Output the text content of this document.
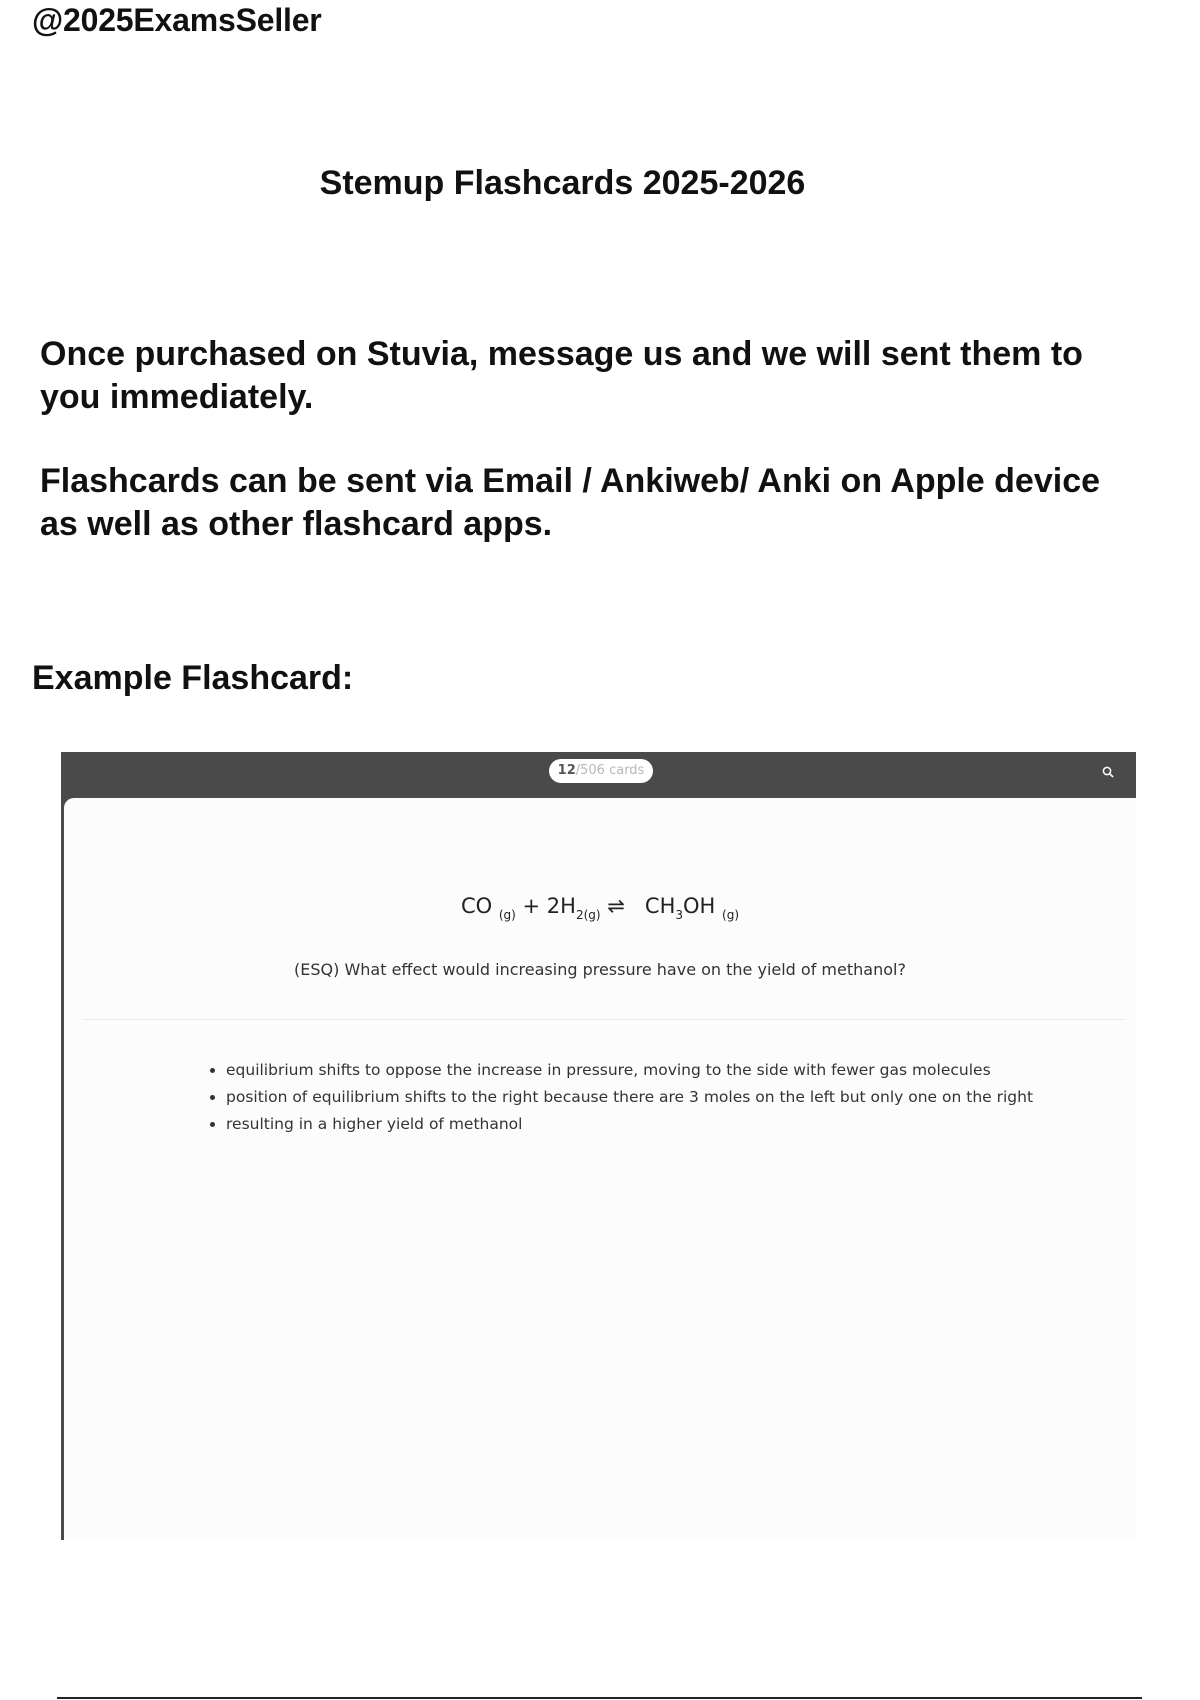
@2025ExamsSeller
Stemup Flashcards 2025-2026

Once purchased on Stuvia, message us and we will sent them to you immediately.

Flashcards can be sent via Email / Ankiweb/ Anki on Apple device as well as other flashcard apps.

Example Flashcard:
12/506 cards

CO $_{(g)} + 2H_{2(g)}$ ⇌ $CH_3OH$ $_{(g)}$

(ESQ) What effect would increasing pressure have on the yield of methanol?

equilibrium shifts to oppose the increase in pressure, moving to the side with fewer gas molecules
position of equilibrium shifts to the right because there are 3 moles on the left but only one on the right
resulting in a higher yield of methanol
